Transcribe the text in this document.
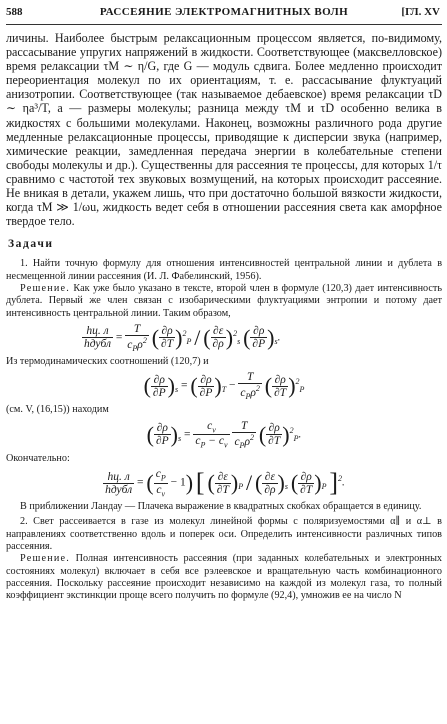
588	РАССЕЯНИЕ ЭЛЕКТРОМАГНИТНЫХ ВОЛН	[ГЛ. XV

личины. Наиболее быстрым релаксационным процессом является, по-видимому, рассасывание упругих напряжений в жидкости. Соответствующее (максвелловское) время релаксации τM ∼ η/G, где G — модуль сдвига. Более медленно происходит переориентация молекул по их ориентациям, т. е. рассасывание флуктуаций анизотропии. Соответствующее (так называемое дебаевское) время релаксации τD ∼ ηa³/T, a — размеры молекулы; разница между τM и τD особенно велика в жидкостях с большими молекулами. Наконец, возможны различного рода другие медленные релаксационные процессы, приводящие к дисперсии звука (например, химические реакции, замедленная передача энергии в колебательные степени свободы молекулы и др.). Существенны для рассеяния те процессы, для которых 1/τ сравнимо с частотой тех звуковых возмущений, на которых происходит рассеяние. Не вникая в детали, укажем лишь, что при достаточно большой вязкости жидкости, когда τM ≫ 1/ωu, жидкость ведет себя в отношении рассеяния света как аморфное твердое тело.

Задачи

1. Найти точную формулу для отношения интенсивностей центральной линии и дублета в несмещенной линии рассеяния (И. Л. Фабелинский, 1956).

Решение. Как уже было указано в тексте, второй член в формуле (120,3) дает интенсивность дублета. Первый же член связан с изобарическими флуктуациями энтропии и потому дает интенсивность центральной линии. Таким образом,

$\frac{hц. л}{\text{hдубл}} = \frac{T}{c_P\rho^2}$ ( $\frac{\partial\rho}{\partial T} )^2_P$ / ( $\frac{\partial\varepsilon}{\partial\rho} )^2_s$ ( $\frac{\partial\rho}{\partial P} )_s$.

Из термодинамических соотношений (120,7) и

( $\frac{\partial\rho}{\partial P} )_s$ = ( $\frac{\partial\rho}{\partial P} )_T - \frac{T}{c_P\rho^2}$ ( $\frac{\partial\rho}{\partial T} )^2_P$

(см. V, (16,15)) находим

( $\frac{\partial\rho}{\partial P} )_s = \frac{c_v}{c_P - c_v}$
$\frac{T}{c_P\rho^2}$ ( $\frac{\partial\rho}{\partial T} )^2_P$.

Окончательно:

$\frac{hц. л}{\text{hдубл}}$ = ( $\frac{c_P}{c_v} - 1$) [ ( $\frac{\partial\varepsilon}{\partial T} )_P$ / ( $\frac{\partial\varepsilon}{\partial\rho} )_s$ ( $\frac{\partial\rho}{\partial T} )_P$ ]$^2$.

В приближении Ландау — Плачека выражение в квадратных скобках обращается в единицу.

2. Свет рассеивается в газе из молекул линейной формы с поляризуемостями α∥ и α⊥ в направлениях соответственно вдоль и поперек оси. Определить интенсивности различных типов рассеяния.

Решение. Полная интенсивность рассеяния (при заданных колебательных и электронных состояниях молекул) включает в себя все рэлеевское и вращательную часть комбинационного рассеяния. Поскольку рассеяние происходит независимо на каждой из молекул газа, то полный коэффициент экстинкции проще всего получить по формуле (92,4), умножив ее на число N
